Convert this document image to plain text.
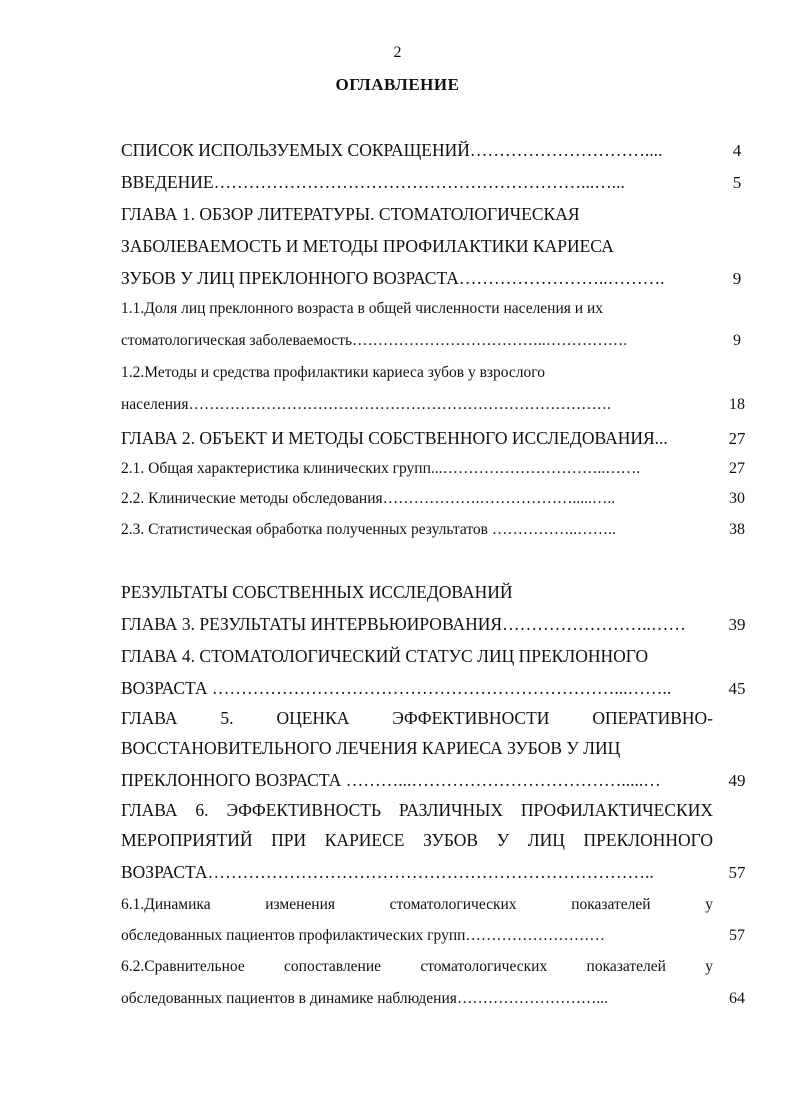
2
ОГЛАВЛЕНИЕ
СПИСОК ИСПОЛЬЗУЕМЫХ СОКРАЩЕНИЙ…………………………....	4
ВВЕДЕНИЕ………………………………………………………...…...	5
ГЛАВА 1. ОБЗОР ЛИТЕРАТУРЫ. СТОМАТОЛОГИЧЕСКАЯ
ЗАБОЛЕВАЕМОСТЬ И МЕТОДЫ ПРОФИЛАКТИКИ КАРИЕСА
ЗУБОВ У ЛИЦ ПРЕКЛОННОГО ВОЗРАСТА……………………..……….	9
1.1.Доля лиц преклонного возраста в общей численности населения и их
стоматологическая заболеваемость………………………………..…………….	9
1.2.Методы и средства профилактики кариеса зубов у взрослого
населения……………………………………………………………………….	18
ГЛАВА 2. ОБЪЕКТ И МЕТОДЫ СОБСТВЕННОГО ИССЛЕДОВАНИЯ...	27
2.1. Общая характеристика клинических групп...…………………………..…….	27
2.2. Клинические методы обследования……………….……………….....…..	30
2.3. Статистическая обработка полученных результатов ……………..……..	38
РЕЗУЛЬТАТЫ СОБСТВЕННЫХ ИССЛЕДОВАНИЙ
ГЛАВА 3. РЕЗУЛЬТАТЫ ИНТЕРВЬЮИРОВАНИЯ……………………..……	39
ГЛАВА 4. СТОМАТОЛОГИЧЕСКИЙ СТАТУС ЛИЦ ПРЕКЛОННОГО
ВОЗРАСТА ……………………………………………………………...……..	45
ГЛАВА 5. ОЦЕНКА ЭФФЕКТИВНОСТИ ОПЕРАТИВНО-
ВОССТАНОВИТЕЛЬНОГО ЛЕЧЕНИЯ КАРИЕСА ЗУБОВ У ЛИЦ
ПРЕКЛОННОГО ВОЗРАСТА ………...……………………………….....…	49
ГЛАВА 6. ЭФФЕКТИВНОСТЬ РАЗЛИЧНЫХ ПРОФИЛАКТИЧЕСКИХ
МЕРОПРИЯТИЙ ПРИ КАРИЕСЕ ЗУБОВ У ЛИЦ ПРЕКЛОННОГО
ВОЗРАСТА…………………………………………………………………..	57
6.1.Динамика изменения стоматологических показателей у
обследованных пациентов профилактических групп………………………	57
6.2.Сравнительное сопоставление стоматологических показателей у
обследованных пациентов в динамике наблюдения………………………...	64
